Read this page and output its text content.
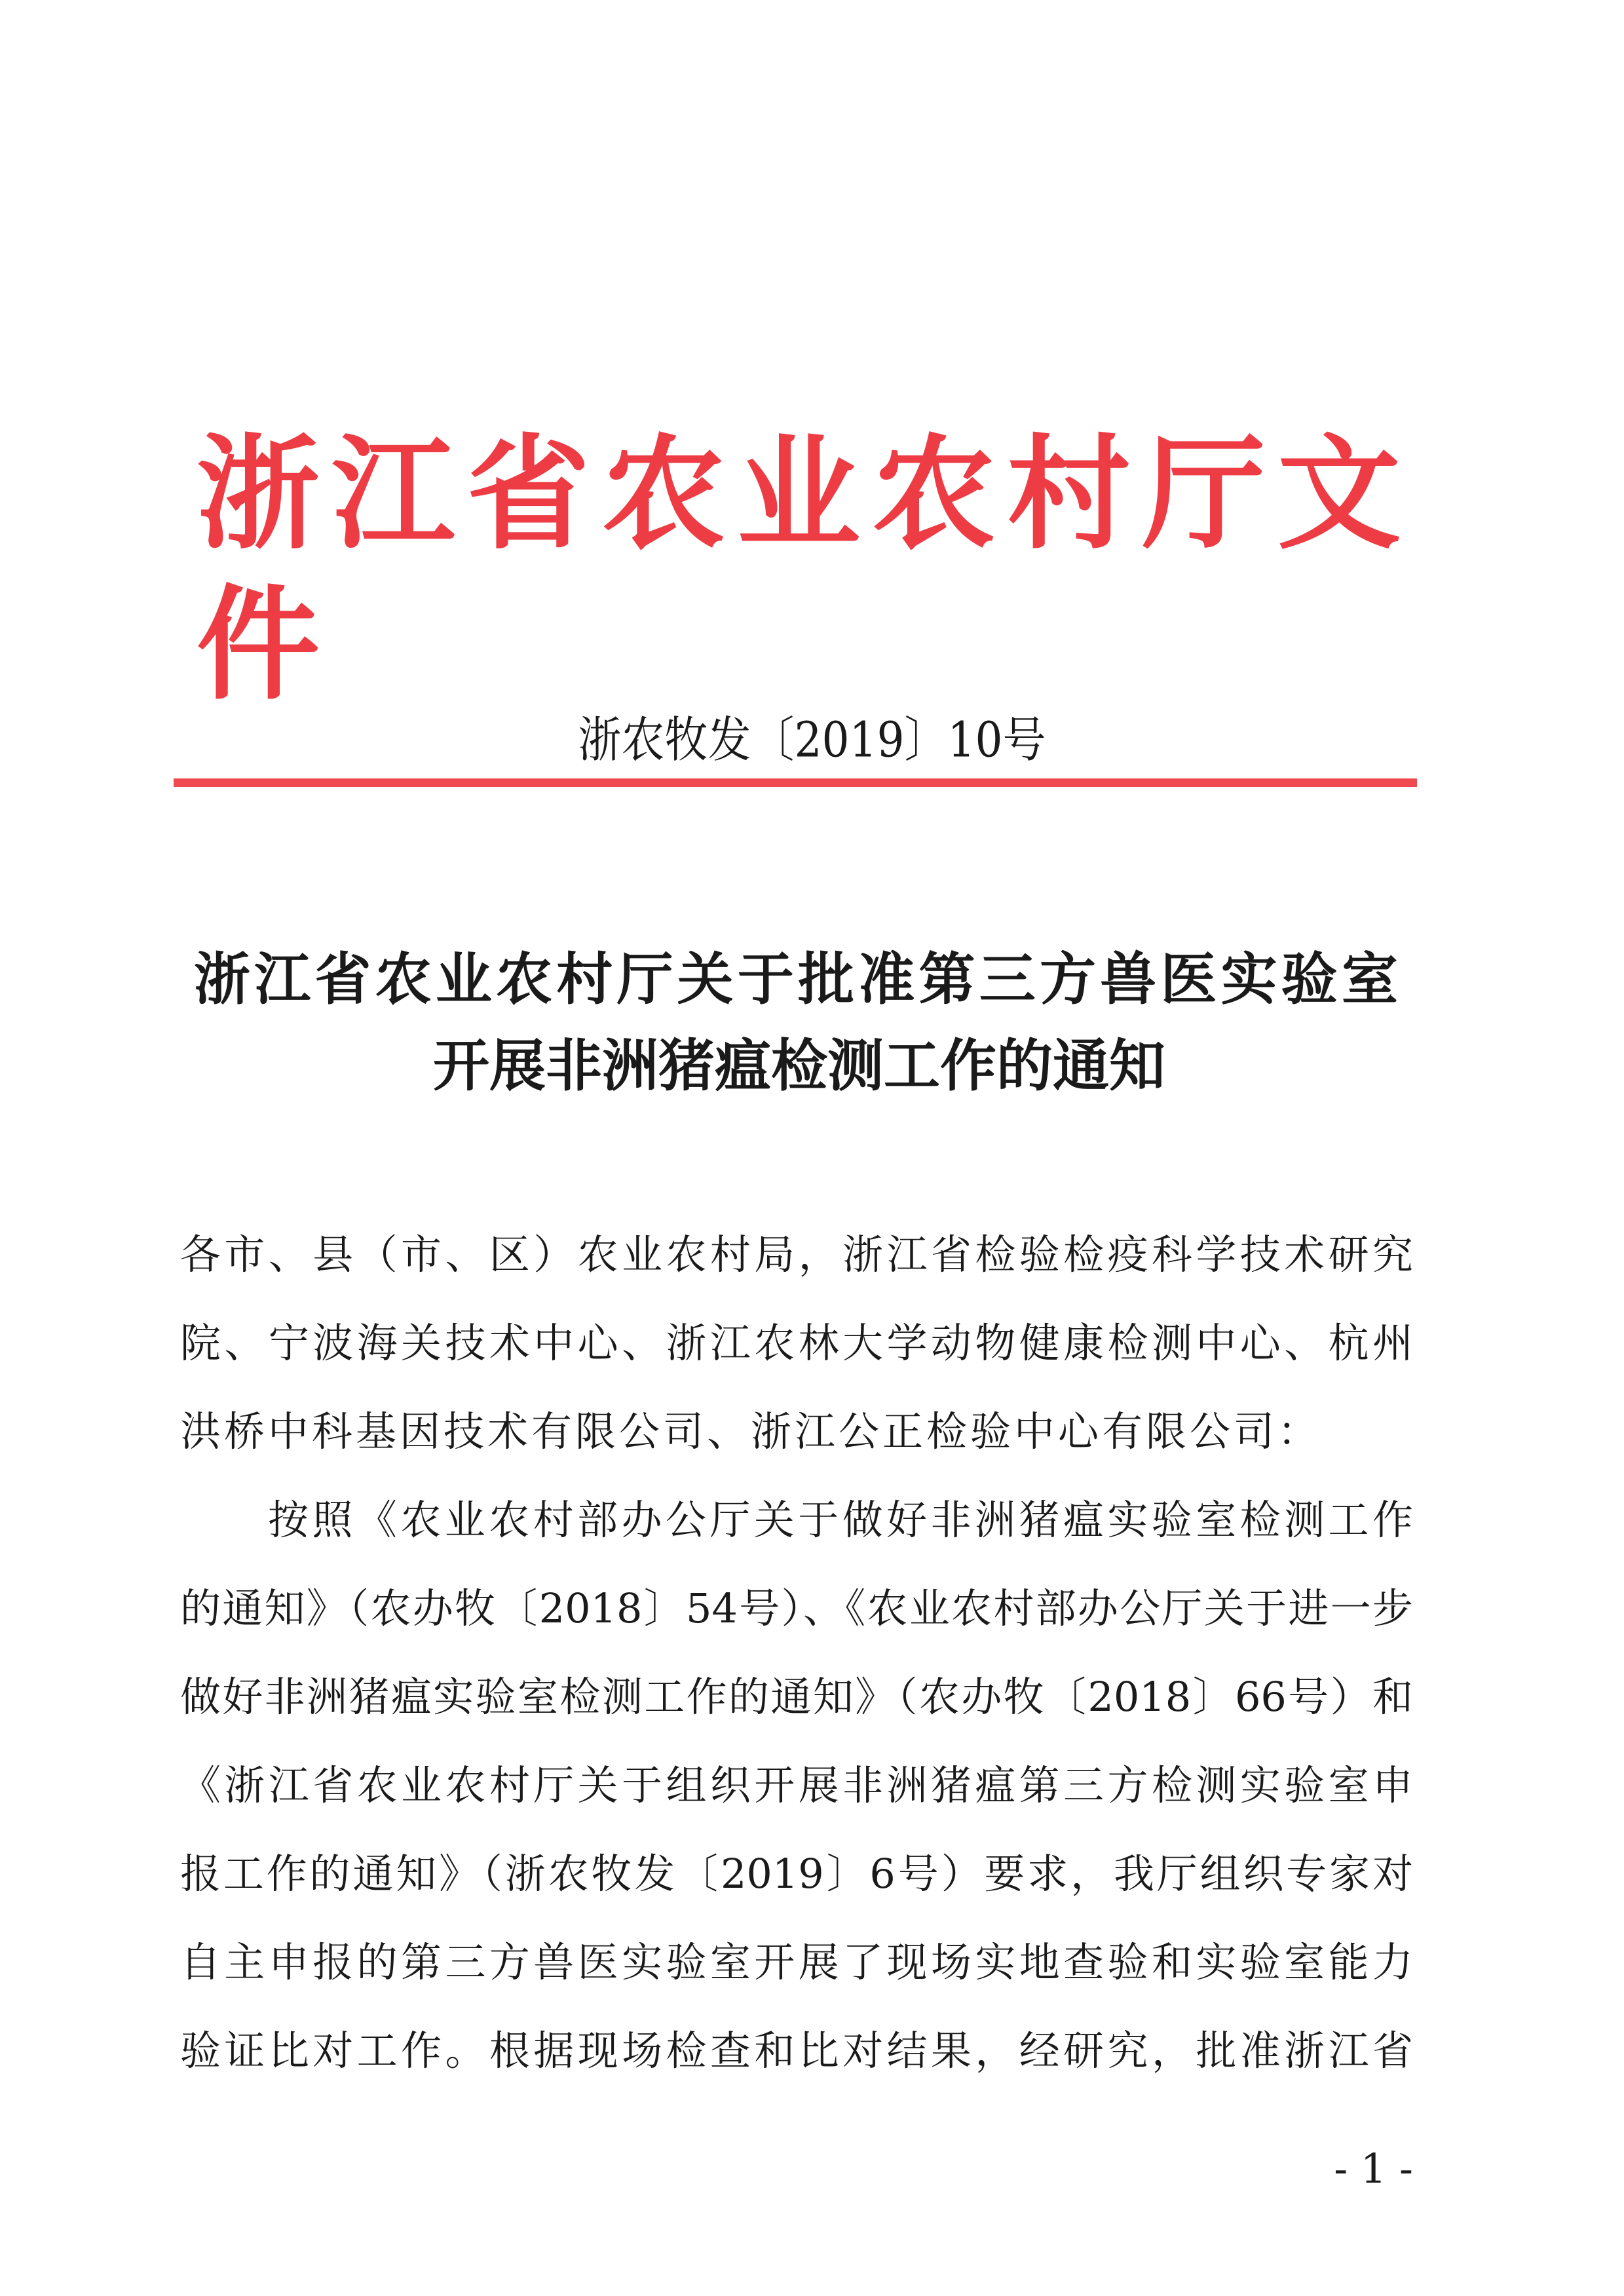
浙江省农业农村厅文件
浙农牧发〔2019〕10号
浙江省农业农村厅关于批准第三方兽医实验室
开展非洲猪瘟检测工作的通知
各市、县（市、区）农业农村局，浙江省检验检疫科学技术研究
院、宁波海关技术中心、浙江农林大学动物健康检测中心、杭州
洪桥中科基因技术有限公司、浙江公正检验中心有限公司：
按照《农业农村部办公厅关于做好非洲猪瘟实验室检测工作
的通知》（农办牧〔2018〕54号）、《农业农村部办公厅关于进一步
做好非洲猪瘟实验室检测工作的通知》（农办牧〔2018〕66号）和
《浙江省农业农村厅关于组织开展非洲猪瘟第三方检测实验室申
报工作的通知》（浙农牧发〔2019〕6号）要求，我厅组织专家对
自主申报的第三方兽医实验室开展了现场实地查验和实验室能力
验证比对工作。根据现场检查和比对结果，经研究，批准浙江省
- 1 -
